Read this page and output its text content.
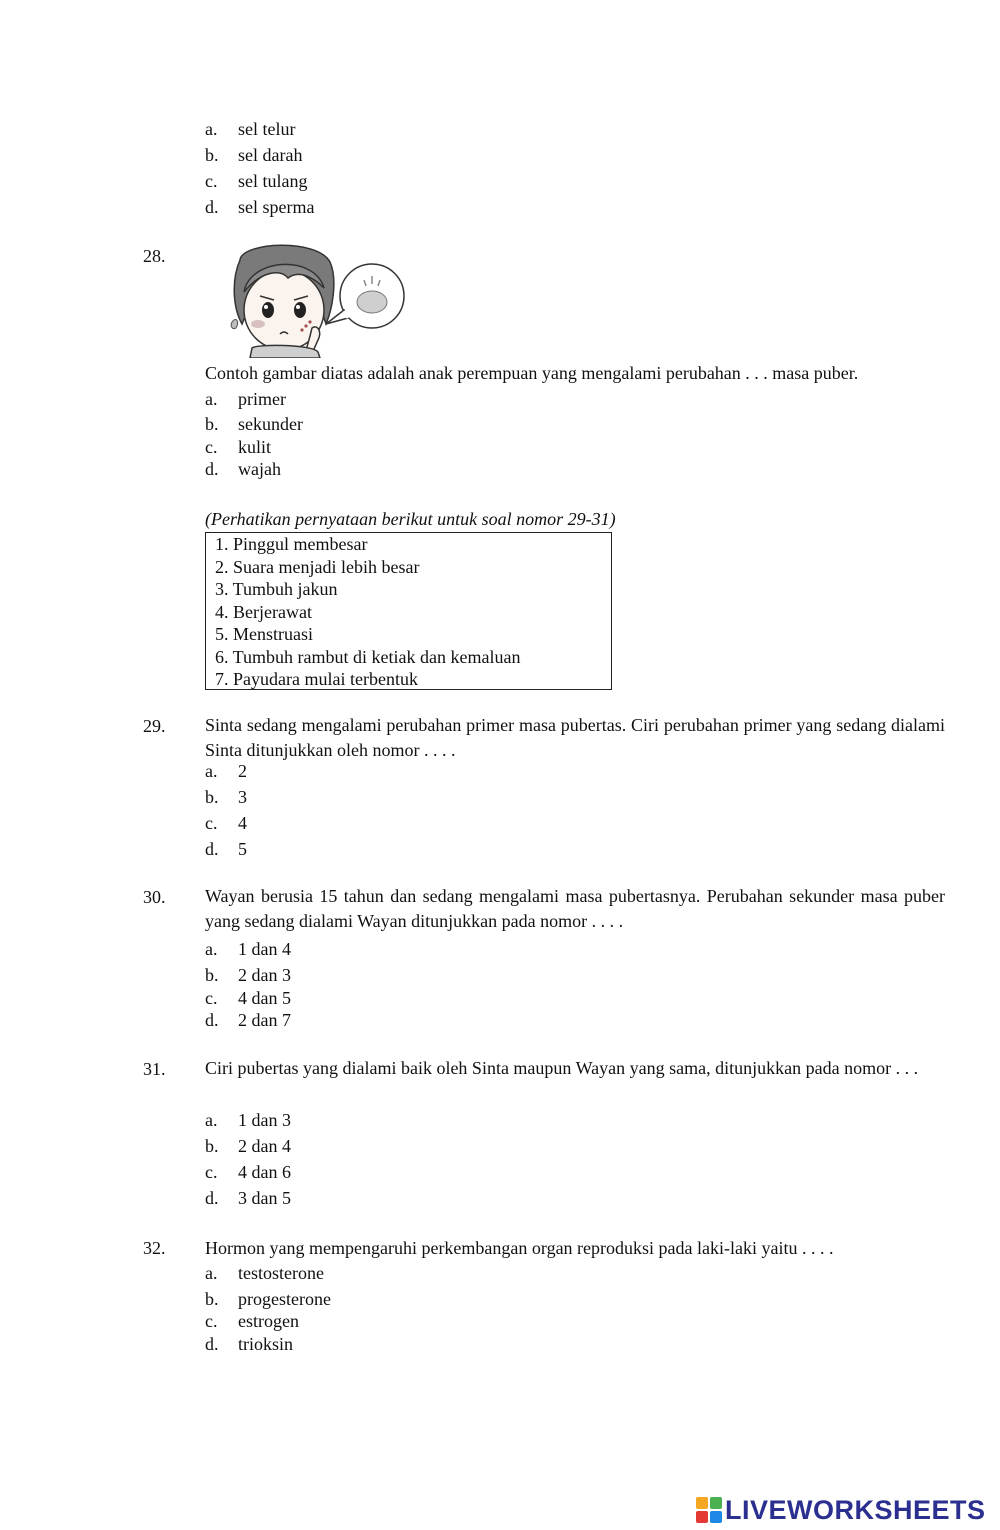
a. sel telur
b. sel darah
c. sel tulang
d. sel sperma
28.
Contoh gambar diatas adalah anak perempuan yang mengalami perubahan . . . masa puber.
a. primer
b. sekunder
c. kulit
d. wajah
(Perhatikan pernyataan berikut untuk soal nomor 29-31)
1. Pinggul membesar
2. Suara menjadi lebih besar
3. Tumbuh jakun
4. Berjerawat
5. Menstruasi
6. Tumbuh rambut di ketiak dan kemaluan
7. Payudara mulai terbentuk
29. Sinta sedang mengalami perubahan primer masa pubertas. Ciri perubahan primer yang sedang dialami Sinta ditunjukkan oleh nomor . . . .
a. 2
b. 3
c. 4
d. 5
30. Wayan berusia 15 tahun dan sedang mengalami masa pubertasnya. Perubahan sekunder masa puber yang sedang dialami Wayan ditunjukkan pada nomor . . . .
a. 1 dan 4
b. 2 dan 3
c. 4 dan 5
d. 2 dan 7
31. Ciri pubertas yang dialami baik oleh Sinta maupun Wayan yang sama, ditunjukkan pada nomor . . .
a. 1 dan 3
b. 2 dan 4
c. 4 dan 6
d. 3 dan 5
32. Hormon yang mempengaruhi perkembangan organ reproduksi pada laki-laki yaitu . . . .
a. testosterone
b. progesterone
c. estrogen
d. trioksin
LIVEWORKSHEETS
